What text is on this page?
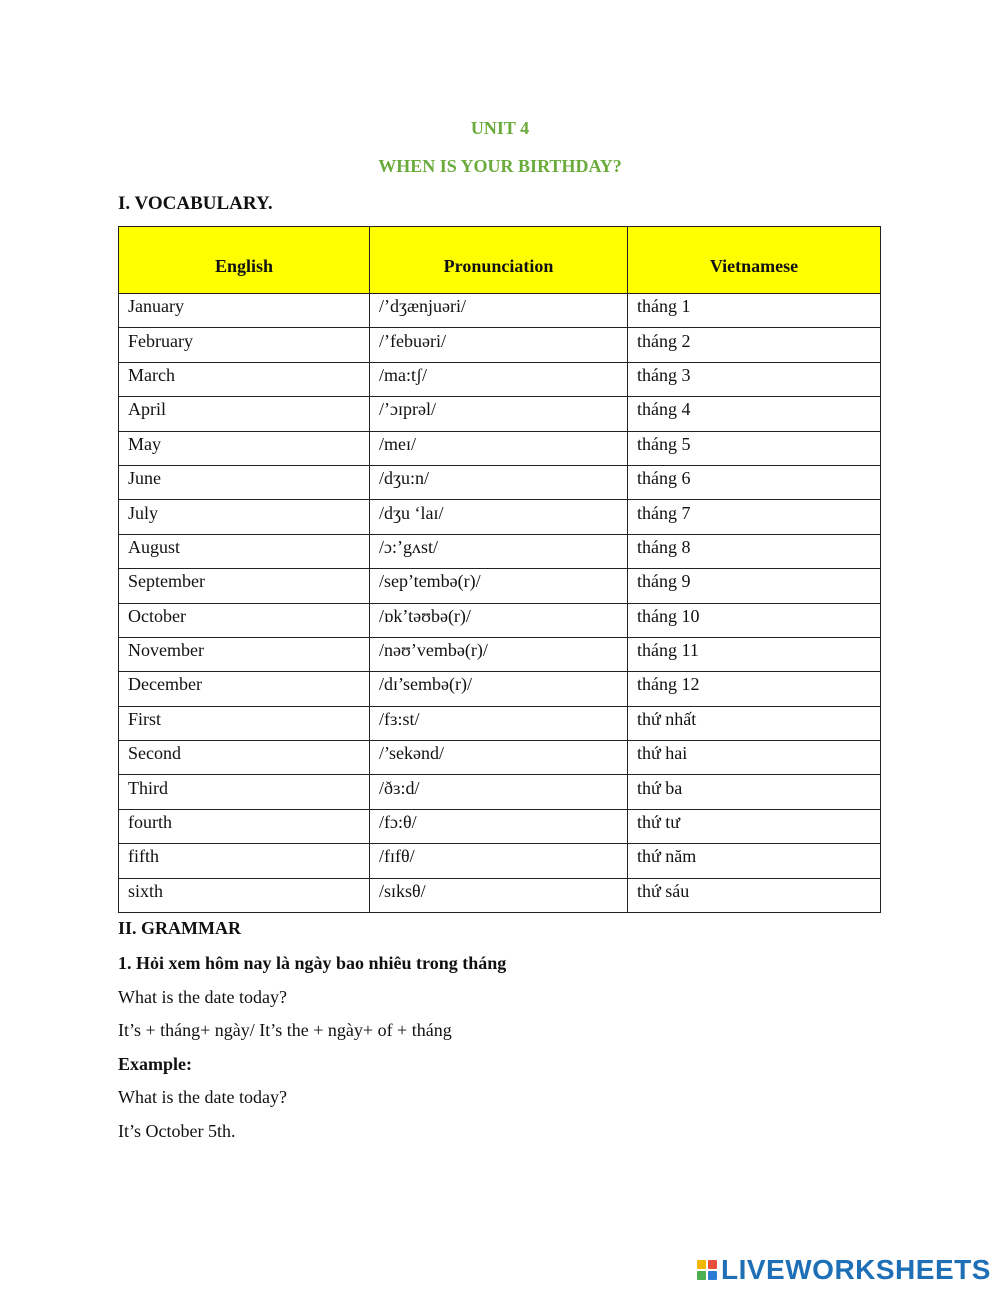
UNIT 4
WHEN IS YOUR BIRTHDAY?
I. VOCABULARY.
English	Pronunciation	Vietnamese
January	/’dʒænjuəri/	tháng 1
February	/’febuəri/	tháng 2
March	/ma:tʃ/	tháng 3
April	/’ɔɪprəl/	tháng 4
May	/meɪ/	tháng 5
June	/dʒu:n/	tháng 6
July	/dʒu ‘laɪ/	tháng 7
August	/ɔ:’gʌst/	tháng 8
September	/sep’tembə(r)/	tháng 9
October	/ɒk’təʊbə(r)/	tháng 10
November	/nəʊ’vembə(r)/	tháng 11
December	/dɪ’sembə(r)/	tháng 12
First	/fɜ:st/	thứ nhất
Second	/’sekənd/	thứ hai
Third	/ðɜ:d/	thứ ba
fourth	/fɔ:θ/	thứ tư
fifth	/fɪfθ/	thứ năm
sixth	/sɪksθ/	thứ sáu
II. GRAMMAR
1. Hỏi xem hôm nay là ngày bao nhiêu trong tháng
What is the date today?
It’s + tháng+ ngày/ It’s the + ngày+ of + tháng
Example:
What is the date today?
It’s October 5th.
LIVEWORKSHEETS
